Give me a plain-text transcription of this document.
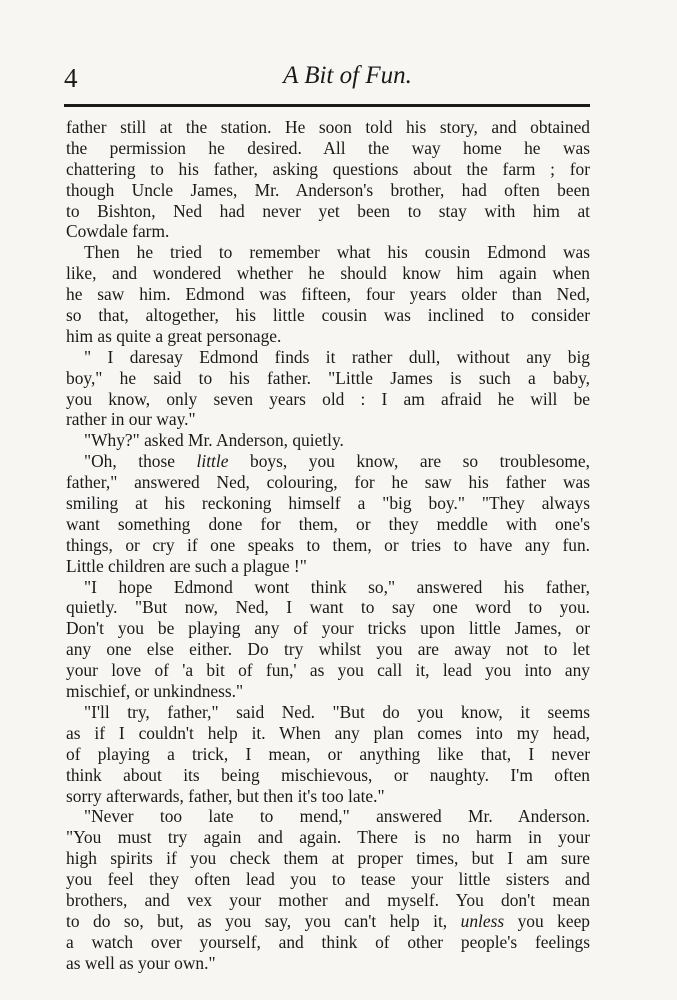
4	A Bit of Fun.
father still at the station. He soon told his story, and obtained
the permission he desired. All the way home he was
chattering to his father, asking questions about the farm ; for
though Uncle James, Mr. Anderson's brother, had often been
to Bishton, Ned had never yet been to stay with him at
Cowdale farm.
Then he tried to remember what his cousin Edmond was
like, and wondered whether he should know him again when
he saw him. Edmond was fifteen, four years older than Ned,
so that, altogether, his little cousin was inclined to consider
him as quite a great personage.
" I daresay Edmond finds it rather dull, without any big
boy," he said to his father. "Little James is such a baby,
you know, only seven years old : I am afraid he will be
rather in our way."
"Why?" asked Mr. Anderson, quietly.
"Oh, those little boys, you know, are so troublesome,
father," answered Ned, colouring, for he saw his father was
smiling at his reckoning himself a "big boy." "They always
want something done for them, or they meddle with one's
things, or cry if one speaks to them, or tries to have any fun.
Little children are such a plague !"
"I hope Edmond wont think so," answered his father,
quietly. "But now, Ned, I want to say one word to you.
Don't you be playing any of your tricks upon little James, or
any one else either. Do try whilst you are away not to let
your love of 'a bit of fun,' as you call it, lead you into any
mischief, or unkindness."
"I'll try, father," said Ned. "But do you know, it seems
as if I couldn't help it. When any plan comes into my head,
of playing a trick, I mean, or anything like that, I never
think about its being mischievous, or naughty. I'm often
sorry afterwards, father, but then it's too late."
"Never too late to mend," answered Mr. Anderson.
"You must try again and again. There is no harm in your
high spirits if you check them at proper times, but I am sure
you feel they often lead you to tease your little sisters and
brothers, and vex your mother and myself. You don't mean
to do so, but, as you say, you can't help it, unless you keep
a watch over yourself, and think of other people's feelings
as well as your own."
